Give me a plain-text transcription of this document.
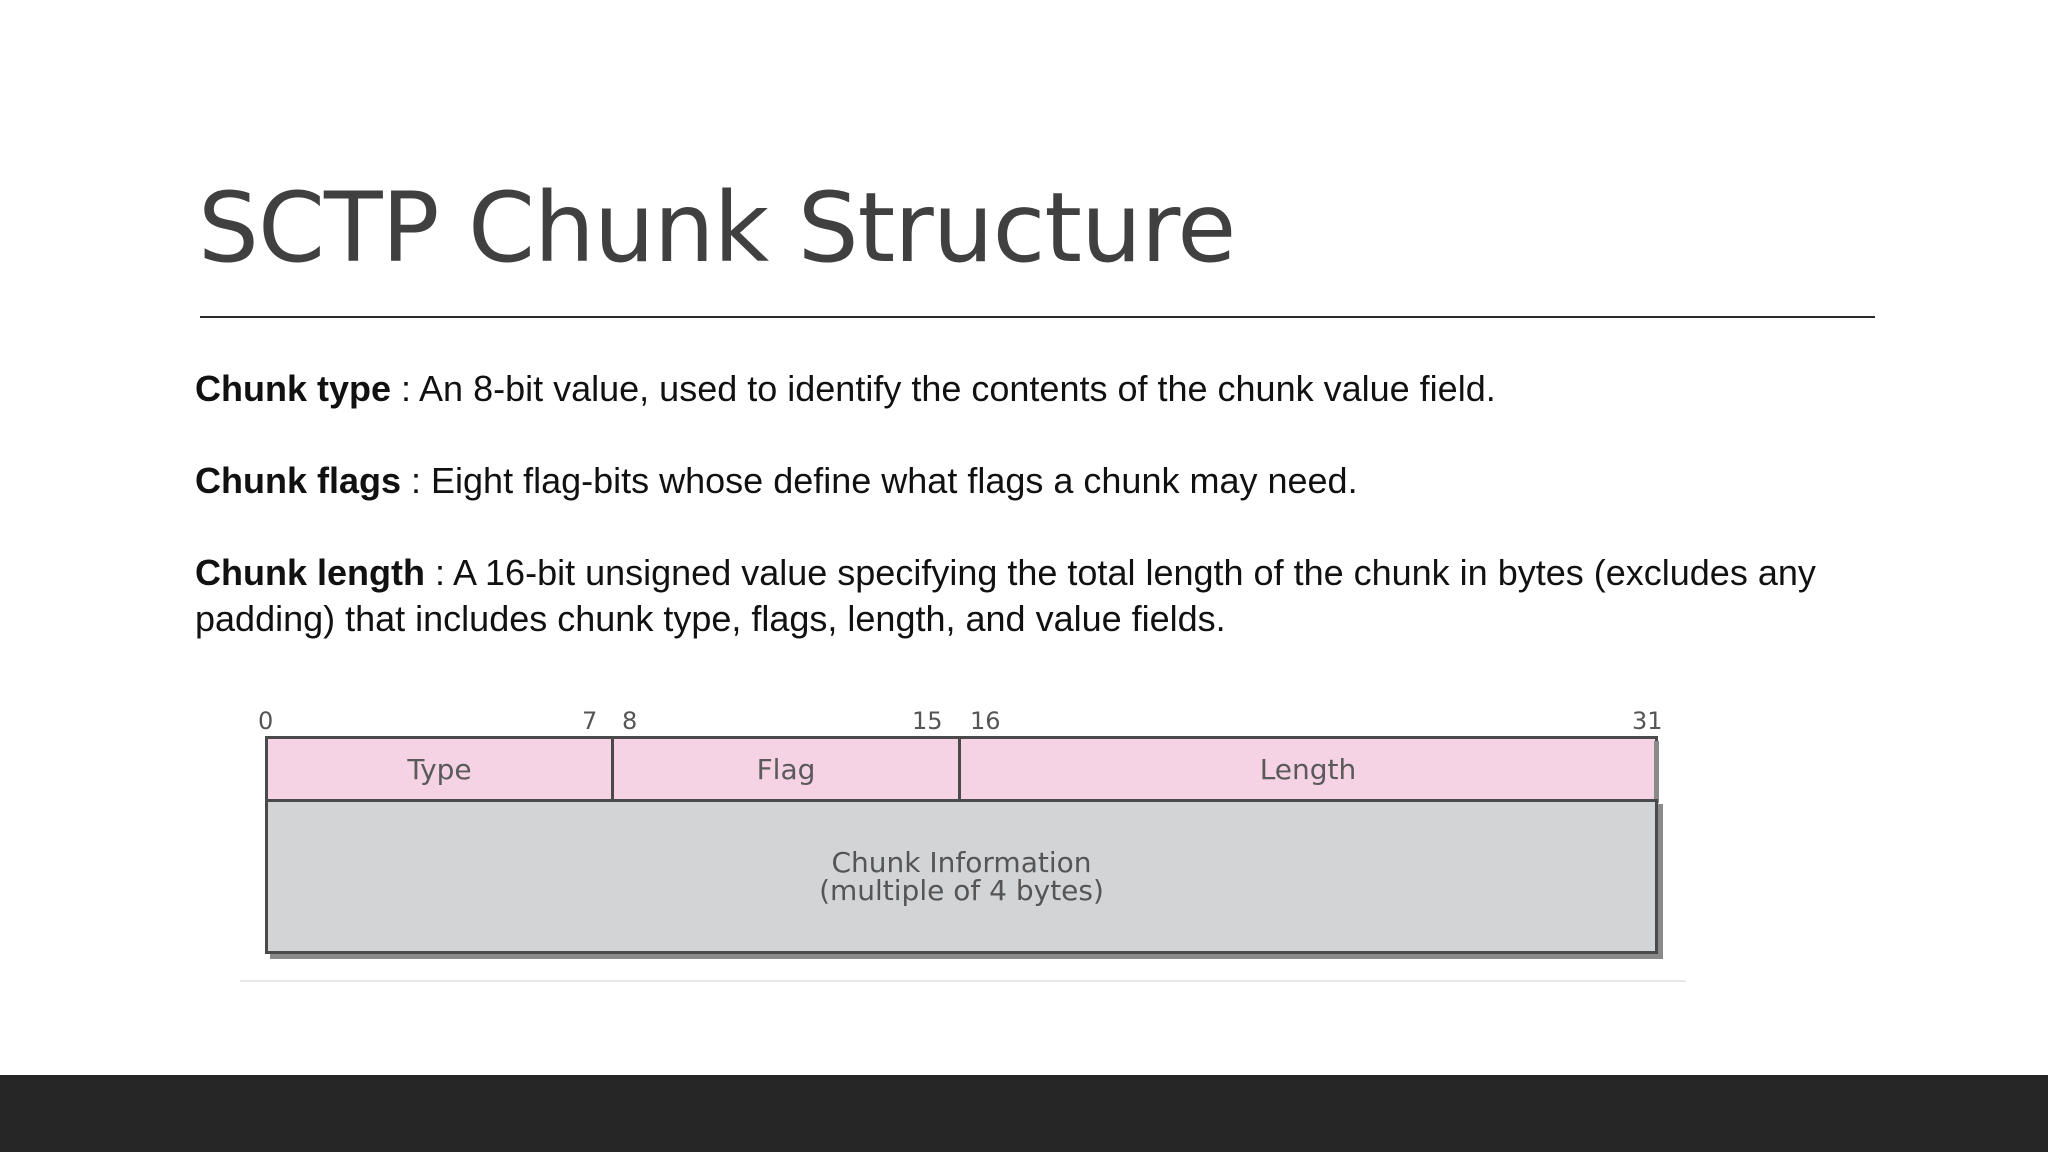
SCTP Chunk Structure

Chunk type : An 8-bit value, used to identify the contents of the chunk value field.

Chunk flags : Eight flag-bits whose define what flags a chunk may need.

Chunk length : A 16-bit unsigned value specifying the total length of the chunk in bytes (excludes any padding) that includes chunk type, flags, length, and value fields.

0	7 8	15 16	31
Type	Flag	Length
Chunk Information
(multiple of 4 bytes)
